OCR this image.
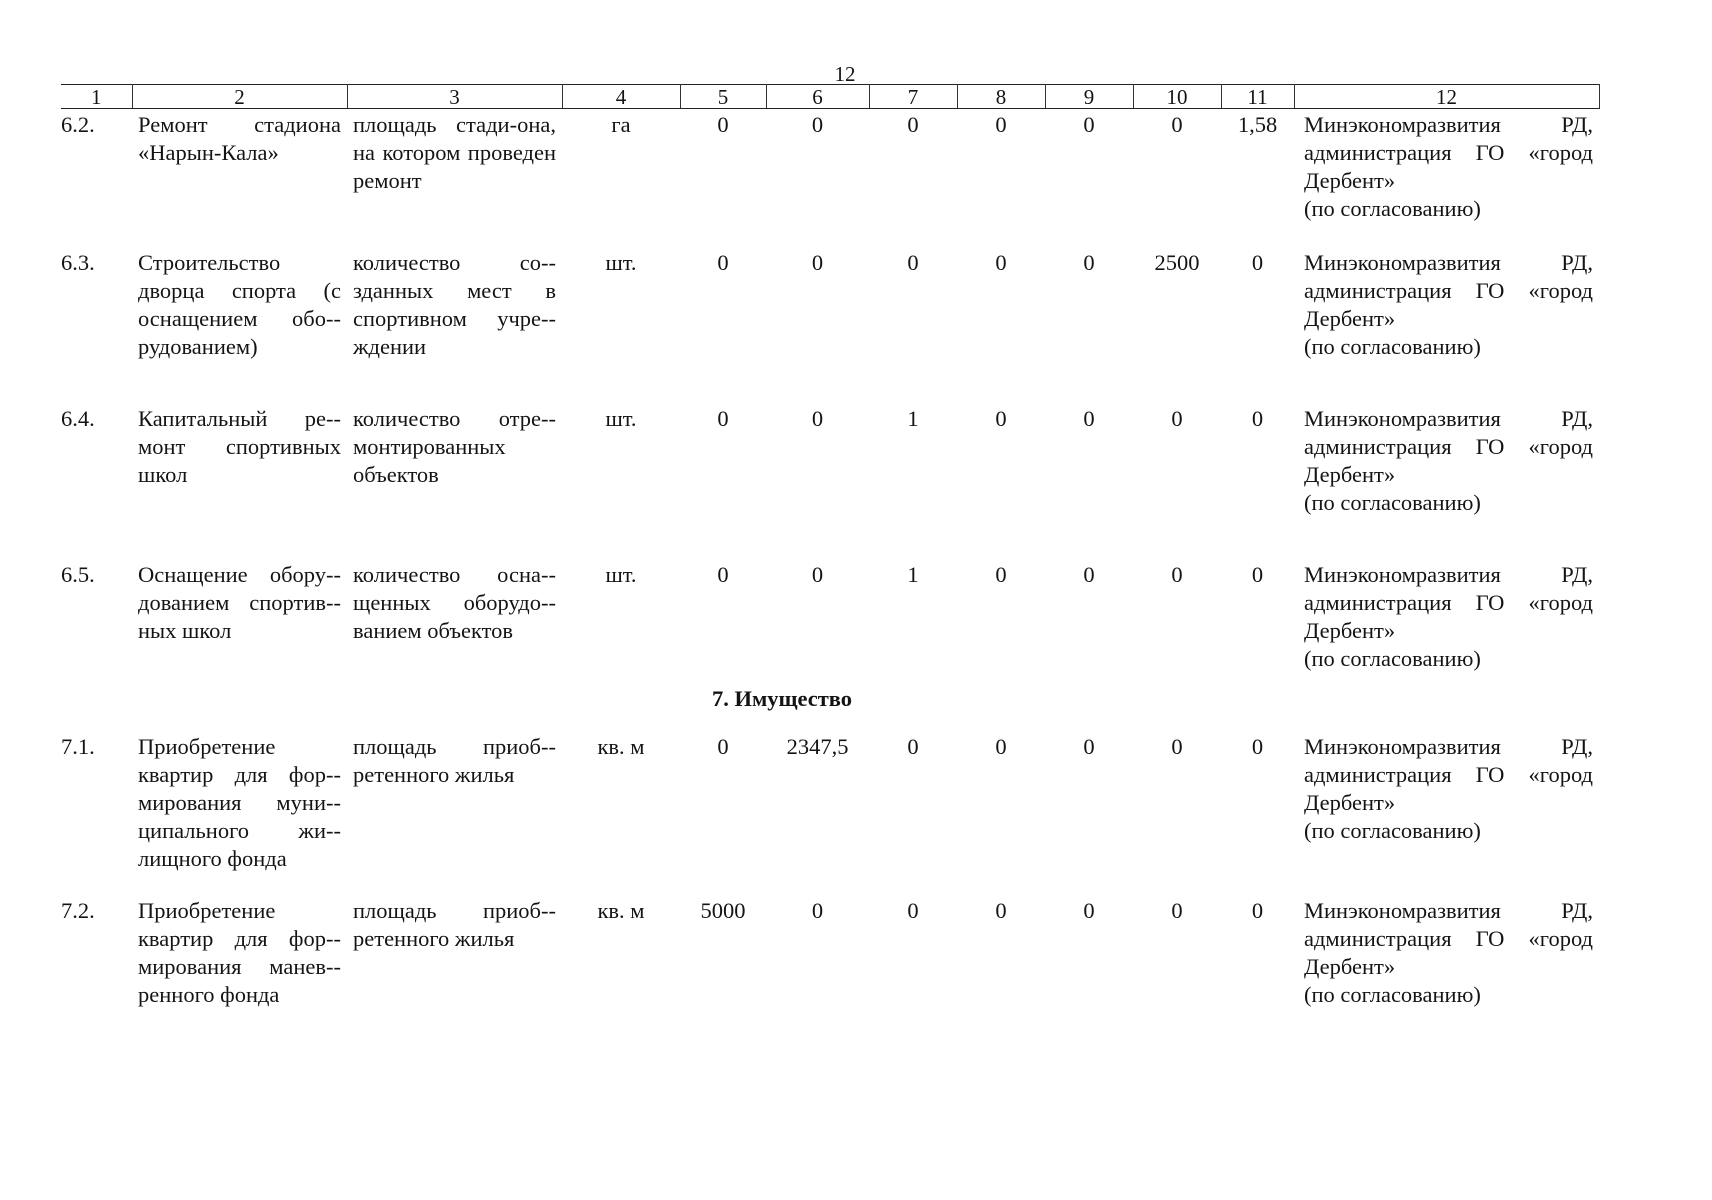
12
1	2	3	4	5	6	7	8	9	10	11	12
6.2.	Ремонт стадиона «Нарын-Кала»	площадь стади-она, на котором проведен ремонт	га	0	0	0	0	0	0	1,58	Минэкономразвития РД, администрация ГО «город Дербент»
(по согласованию)
6.3.	Строительство дворца спорта (с оснащением обо-рудованием)	количество со-зданных мест в спортивном учре-ждении	шт.	0	0	0	0	0	2500	0	Минэкономразвития РД, администрация ГО «город Дербент»
(по согласованию)
6.4.	Капитальный ре-монт спортивных школ	количество отре-монтированных объектов	шт.	0	0	1	0	0	0	0	Минэкономразвития РД, администрация ГО «город Дербент»
(по согласованию)
6.5.	Оснащение обору-дованием спортив-ных школ	количество осна-щенных оборудо-ванием объектов	шт.	0	0	1	0	0	0	0	Минэкономразвития РД, администрация ГО «город Дербент»
(по согласованию)
7. Имущество											
7.1.	Приобретение квартир для фор-мирования муни-ципального жи-лищного фонда	площадь приоб-ретенного жилья	кв. м	0	2347,5	0	0	0	0	0	Минэкономразвития РД, администрация ГО «город Дербент»
(по согласованию)
7.2.	Приобретение квартир для фор-мирования манев-ренного фонда	площадь приоб-ретенного жилья	кв. м	5000	0	0	0	0	0	0	Минэкономразвития РД, администрация ГО «город Дербент»
(по согласованию)
